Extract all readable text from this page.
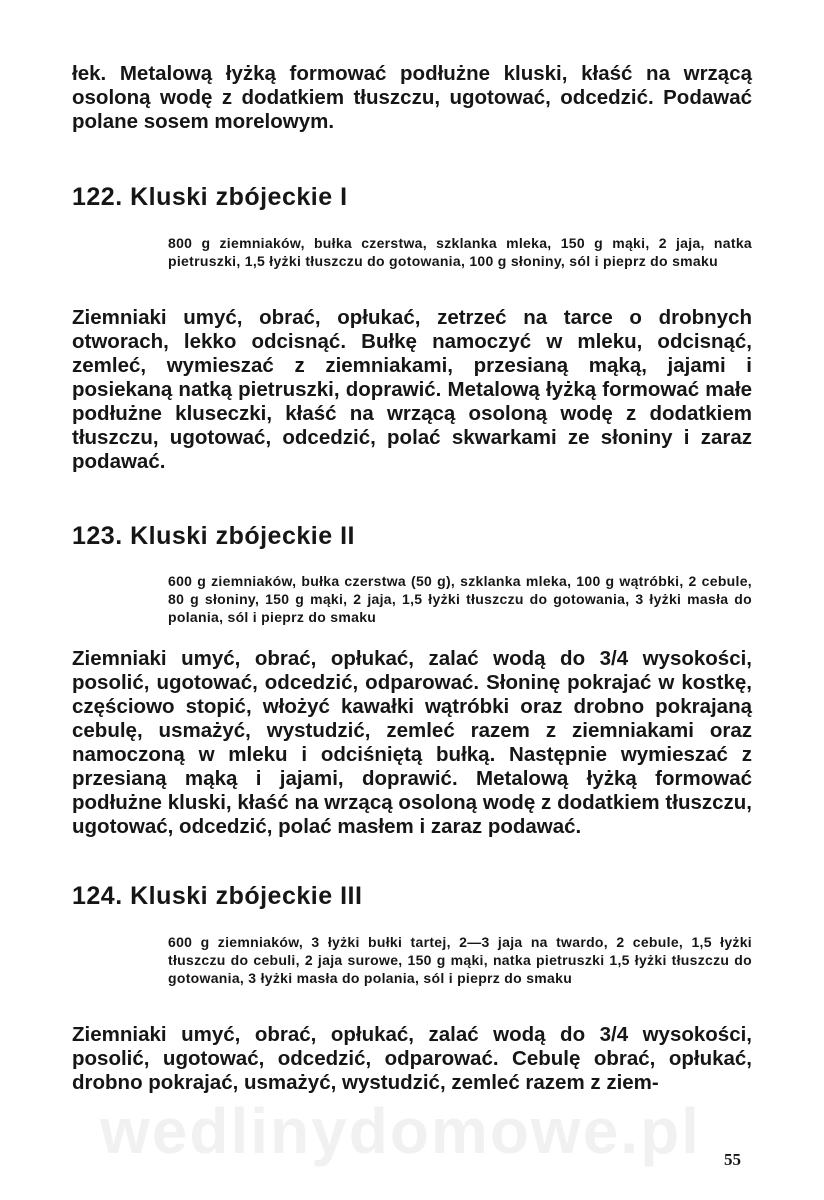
łek. Metalową łyżką formować podłużne kluski, kłaść na wrzącą osoloną wodę z dodatkiem tłuszczu, ugotować, odcedzić. Podawać polane sosem morelowym.

122. Kluski zbójeckie I

800 g ziemniaków, bułka czerstwa, szklanka mleka, 150 g mąki, 2 jaja, natka pietruszki, 1,5 łyżki tłuszczu do gotowania, 100 g słoniny, sól i pieprz do smaku

Ziemniaki umyć, obrać, opłukać, zetrzeć na tarce o drobnych otworach, lekko odcisnąć. Bułkę namoczyć w mleku, odcisnąć, zemleć, wymieszać z ziemniakami, przesianą mąką, jajami i posiekaną natką pietruszki, doprawić. Metalową łyżką formować małe podłużne kluseczki, kłaść na wrzącą osoloną wodę z dodatkiem tłuszczu, ugotować, odcedzić, polać skwarkami ze słoniny i zaraz podawać.

123. Kluski zbójeckie II

600 g ziemniaków, bułka czerstwa (50 g), szklanka mleka, 100 g wątróbki, 2 cebule, 80 g słoniny, 150 g mąki, 2 jaja, 1,5 łyżki tłuszczu do gotowania, 3 łyżki masła do polania, sól i pieprz do smaku

Ziemniaki umyć, obrać, opłukać, zalać wodą do 3/4 wysokości, posolić, ugotować, odcedzić, odparować. Słoninę pokrajać w kostkę, częściowo stopić, włożyć kawałki wątróbki oraz drobno pokrajaną cebulę, usmażyć, wystudzić, zemleć razem z ziemniakami oraz namoczoną w mleku i odciśniętą bułką. Następnie wymieszać z przesianą mąką i jajami, doprawić. Metalową łyżką formować podłużne kluski, kłaść na wrzącą osoloną wodę z dodatkiem tłuszczu, ugotować, odcedzić, polać masłem i zaraz podawać.

124. Kluski zbójeckie III

600 g ziemniaków, 3 łyżki bułki tartej, 2—3 jaja na twardo, 2 cebule, 1,5 łyżki tłuszczu do cebuli, 2 jaja surowe, 150 g mąki, natka pietruszki 1,5 łyżki tłuszczu do gotowania, 3 łyżki masła do polania, sól i pieprz do smaku

Ziemniaki umyć, obrać, opłukać, zalać wodą do 3/4 wysokości, posolić, ugotować, odcedzić, odparować. Cebulę obrać, opłukać, drobno pokrajać, usmażyć, wystudzić, zemleć razem z ziem-

wedlinydomowe.pl 55
